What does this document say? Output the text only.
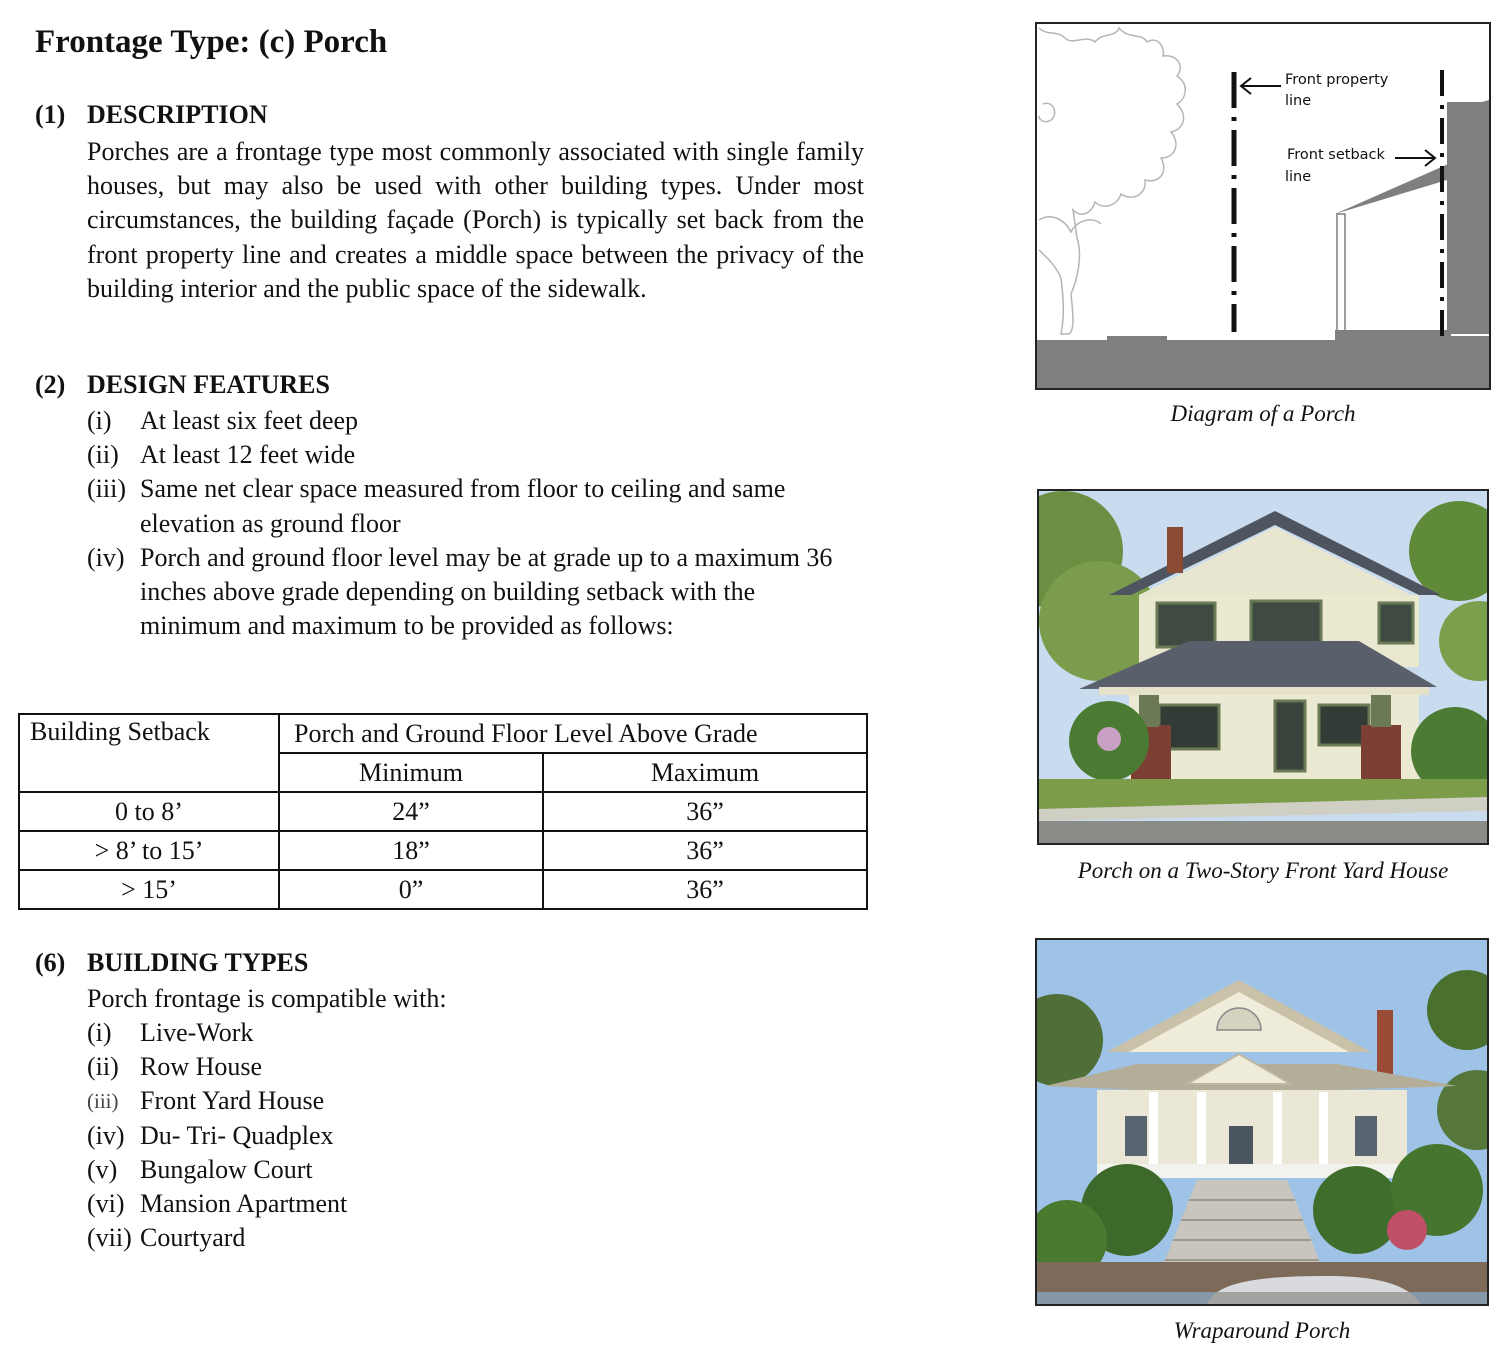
Frontage Type: (c) Porch
(1) DESCRIPTION

Porches are a frontage type most commonly associated with single family houses, but may also be used with other building types. Under most circumstances, the building façade (Porch) is typically set back from the front property line and creates a middle space between the privacy of the building interior and the public space of the sidewalk.

(2) DESIGN FEATURES
(i)	At least six feet deep
(ii) At least 12 feet wide
(iii) Same net clear space measured from floor to ceiling and same elevation as ground floor
(iv) Porch and ground floor level may be at grade up to a maximum 36 inches above grade depending on building setback with the minimum and maximum to be provided as follows:
Building Setback	Porch and Ground Floor Level Above Grade	
	Minimum	Maximum
0 to 8’	24”	36”
> 8’ to 15’	18”	36”
> 15’	0”	36”
(6) BUILDING TYPES
Porch frontage is compatible with:
(i)	Live-Work
(ii) Row House
(iii) Front Yard House
(iv) Du- Tri- Quadplex
(v) Bungalow Court
(vi) Mansion Apartment
(vii) Courtyard
Front property
line
Front setback
line
Diagram of a Porch
Porch on a Two-Story Front Yard House
Wraparound Porch
